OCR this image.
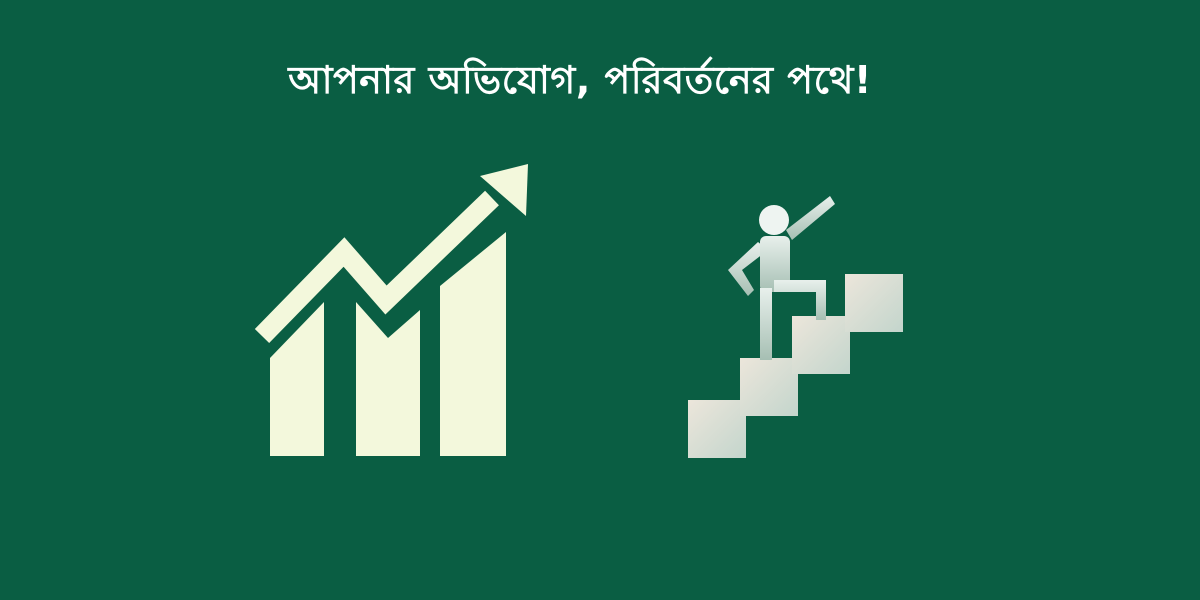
আপনার অভিযোগ, পরিবর্তনের পথে!
